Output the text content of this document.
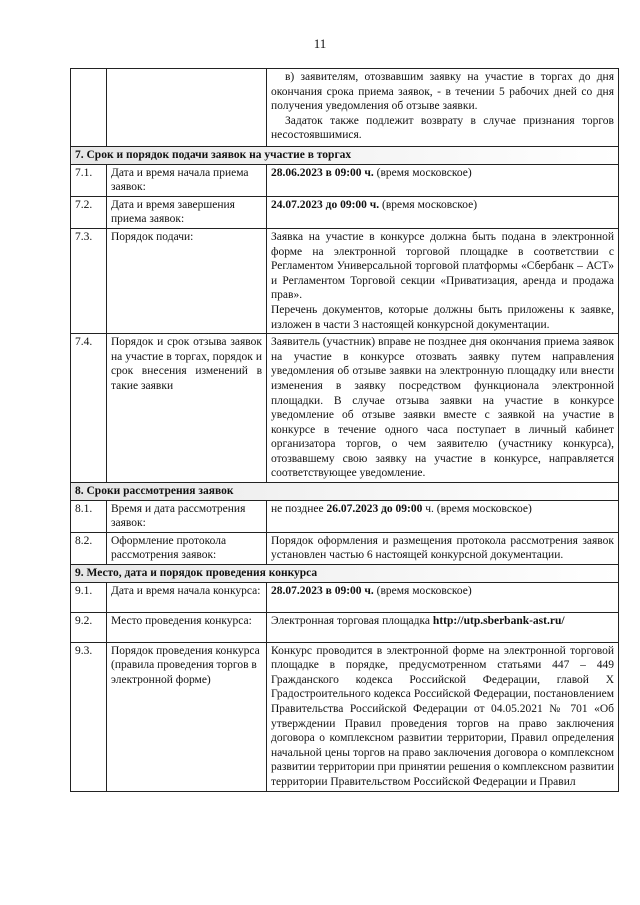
11

		в) заявителям, отозвавшим заявку на участие в торгах до дня окончания срока приема заявок, - в течении 5 рабочих дней со дня получения уведомления об отзыве заявки.

Задаток также подлежит возврату в случае признания торгов несостоявшимися.

7. Срок и порядок подачи заявок на участие в торгах		
7.1.	Дата и время начала приема заявок:	28.06.2023 в 09:00 ч. (время московское)
7.2.	Дата и время завершения приема заявок:	24.07.2023 до 09:00 ч. (время московское)
7.3.	Порядок подачи:	Заявка на участие в конкурсе должна быть подана в электронной форме на электронной торговой площадке в соответствии с Регламентом Универсальной торговой платформы «Сбербанк – АСТ» и Регламентом Торговой секции «Приватизация, аренда и продажа прав».

Перечень документов, которые должны быть приложены к заявке, изложен в части 3 настоящей конкурсной документации.

7.4.	Порядок и срок отзыва заявок на участие в торгах, порядок и срок внесения изменений в такие заявки	Заявитель (участник) вправе не позднее дня окончания приема заявок на участие в конкурсе отозвать заявку путем направления уведомления об отзыве заявки на электронную площадку или внести изменения в заявку посредством функционала электронной площадки. В случае отзыва заявки на участие в конкурсе уведомление об отзыве заявки вместе с заявкой на участие в конкурсе в течение одного часа поступает в личный кабинет организатора торгов, о чем заявителю (участнику конкурса), отозвавшему свою заявку на участие в конкурсе, направляется соответствующее уведомление.

8. Сроки рассмотрения заявок		
8.1.	Время и дата рассмотрения заявок:	не позднее 26.07.2023 до 09:00 ч. (время московское)
8.2.	Оформление протокола рассмотрения заявок:	Порядок оформления и размещения протокола рассмотрения заявок установлен частью 6 настоящей конкурсной документации.

9. Место, дата и порядок проведения конкурса		
9.1.	Дата и время начала конкурса:	28.07.2023 в 09:00 ч. (время московское)
9.2.	Место проведения конкурса:	Электронная торговая площадка http://utp.sberbank-ast.ru/
9.3.	Порядок проведения конкурса (правила проведения торгов в электронной форме)	Конкурс проводится в электронной форме на электронной торговой площадке в порядке, предусмотренном статьями 447 – 449 Гражданского кодекса Российской Федерации, главой X Градостроительного кодекса Российской Федерации, постановлением Правительства Российской Федерации от 04.05.2021 № 701 «Об утверждении Правил проведения торгов на право заключения договора о комплексном развитии территории, Правил определения начальной цены торгов на право заключения договора о комплексном развитии территории при принятии решения о комплексном развитии территории Правительством Российской Федерации и Правил
